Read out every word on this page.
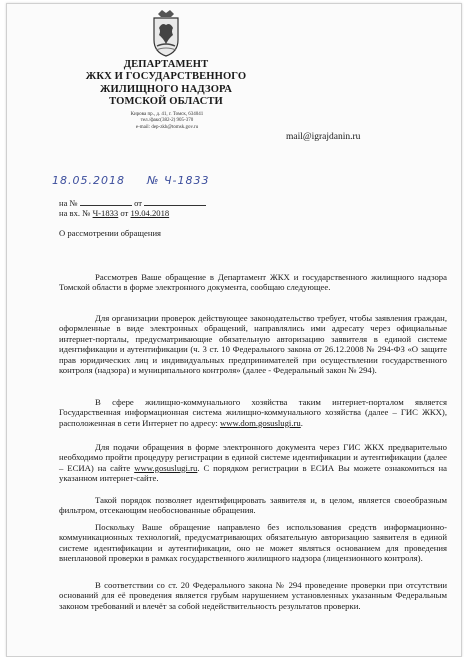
ДЕПАРТАМЕНТ
ЖКХ И ГОСУДАРСТВЕННОГО
ЖИЛИЩНОГО НАДЗОРА
ТОМСКОЙ ОБЛАСТИ
Кирова пр., д. 41, г. Томск, 634041
тел./факс(382-2) 905-370
e-mail: dep-zkh@tomsk.gov.ru
mail@igrajdanin.ru
18.05.2018 № Ч-1833
на №	от
на вх. № Ч-1833 от 19.04.2018
О рассмотрении обращения
Рассмотрев Ваше обращение в Департамент ЖКХ и государственного жилищного надзора Томской области в форме электронного документа, сообщаю следующее.
Для организации проверок действующее законодательство требует, чтобы заявления граждан, оформленные в виде электронных обращений, направлялись ими адресату через официальные интернет-порталы, предусматривающие обязательную авторизацию заявителя в единой системе идентификации и аутентификации (ч. 3 ст. 10 Федерального закона от 26.12.2008 № 294-ФЗ «О защите прав юридических лиц и индивидуальных предпринимателей при осуществлении государственного контроля (надзора) и муниципального контроля» (далее - Федеральный закон № 294).
В сфере жилищно-коммунального хозяйства таким интернет-порталом является Государственная информационная система жилищно-коммунального хозяйства (далее – ГИС ЖКХ), расположенная в сети Интернет по адресу: www.dom.gosuslugi.ru.
Для подачи обращения в форме электронного документа через ГИС ЖКХ предварительно необходимо пройти процедуру регистрации в единой системе идентификации и аутентификации (далее – ЕСИА) на сайте www.gosuslugi.ru. С порядком регистрации в ЕСИА Вы можете ознакомиться на указанном интернет-сайте.
Такой порядок позволяет идентифицировать заявителя и, в целом, является своеобразным фильтром, отсекающим необоснованные обращения.
Поскольку Ваше обращение направлено без использования средств информационно-коммуникационных технологий, предусматривающих обязательную авторизацию заявителя в единой системе идентификации и аутентификации, оно не может являться основанием для проведения внеплановой проверки в рамках государственного жилищного надзора (лицензионного контроля).
В соответствии со ст. 20 Федерального закона № 294 проведение проверки при отсутствии оснований для её проведения является грубым нарушением установленных указанным Федеральным законом требований и влечёт за собой недействительность результатов проверки.
